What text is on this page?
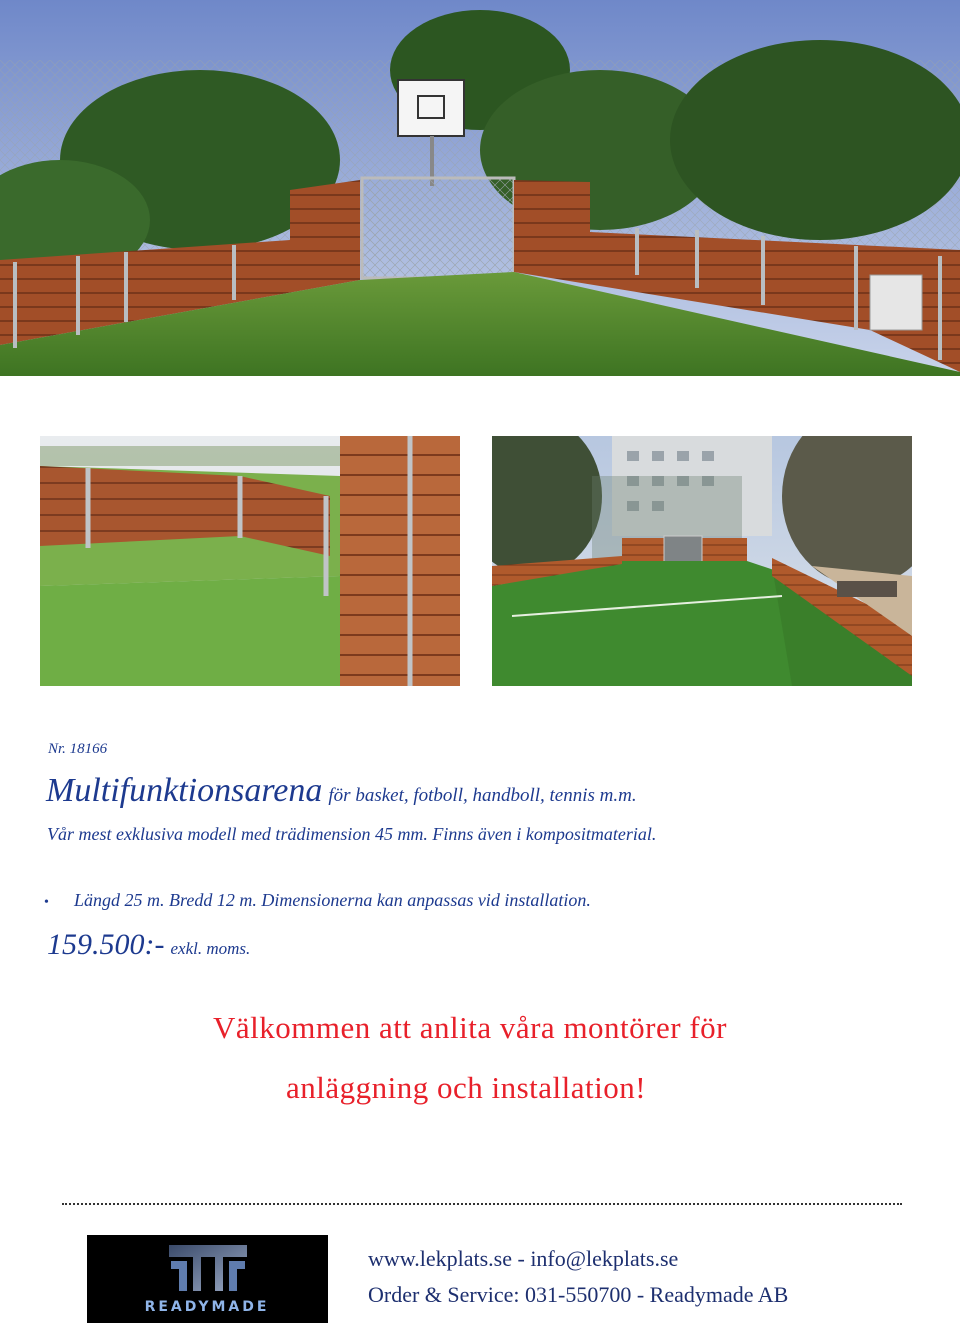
Nr. 18166
Multifunktionsarena för basket, fotboll, handboll, tennis m.m.
Vår mest exklusiva modell med trädimension 45 mm. Finns även i kompositmaterial.
• Längd 25 m. Bredd 12 m. Dimensionerna kan anpassas vid installation.
159.500:- exkl. moms.
Välkommen att anlita våra montörer för
anläggning och installation!
READYMADE
www.lekplats.se - info@lekplats.se
Order & Service: 031-550700 - Readymade AB
